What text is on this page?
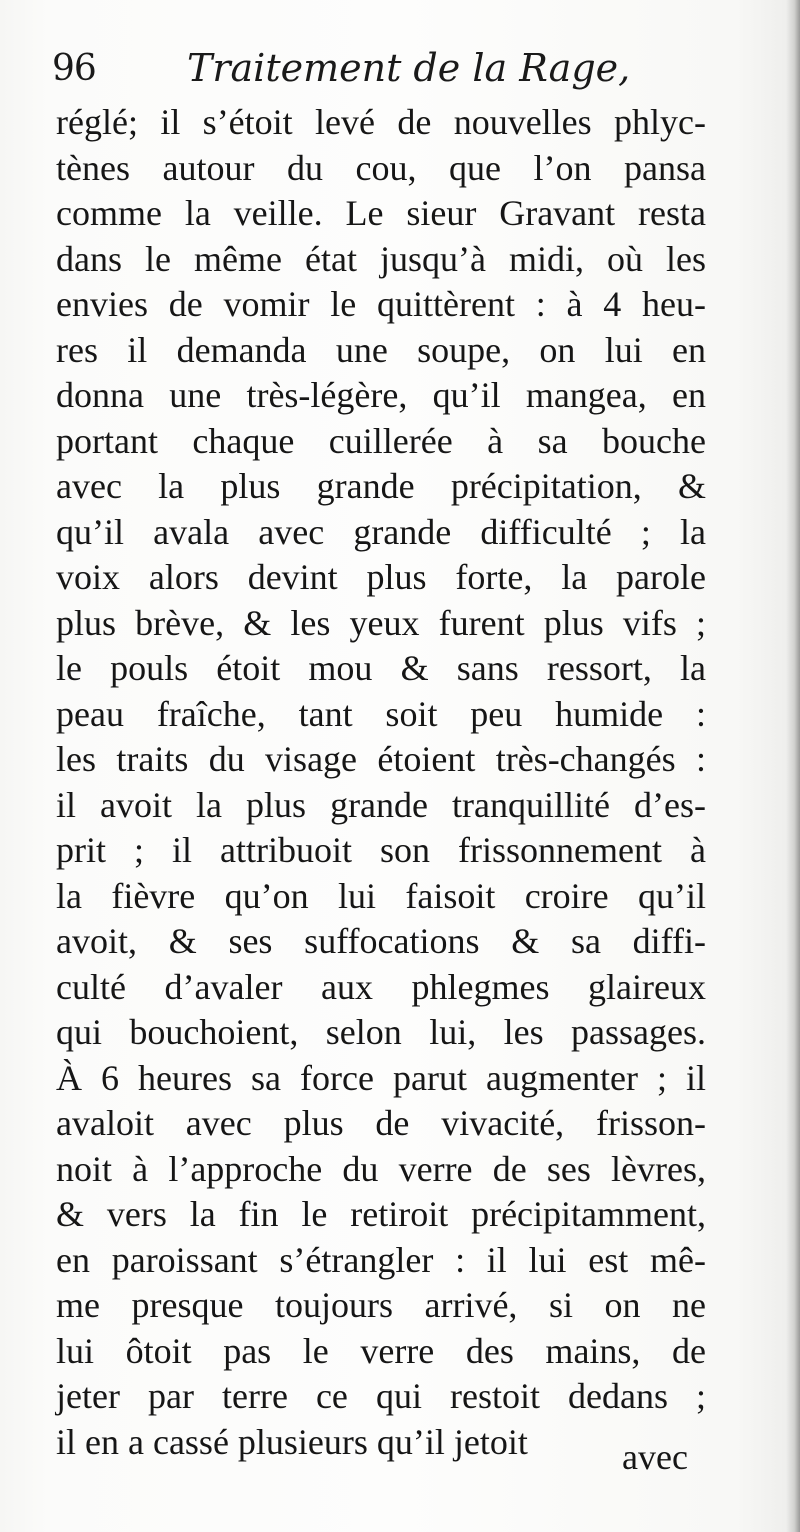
96 Traitement de la Rage,
réglé; il s’étoit levé de nouvelles phlyc-
tènes autour du cou, que l’on pansa
comme la veille. Le sieur Gravant resta
dans le même état jusqu’à midi, où les
envies de vomir le quittèrent : à 4 heu-
res il demanda une soupe, on lui en
donna une très-légère, qu’il mangea, en
portant chaque cuillerée à sa bouche
avec la plus grande précipitation, &
qu’il avala avec grande difficulté ; la
voix alors devint plus forte, la parole
plus brève, & les yeux furent plus vifs ;
le pouls étoit mou & sans ressort, la
peau fraîche, tant soit peu humide :
les traits du visage étoient très-changés :
il avoit la plus grande tranquillité d’es-
prit ; il attribuoit son frissonnement à
la fièvre qu’on lui faisoit croire qu’il
avoit, & ses suffocations & sa diffi-
culté d’avaler aux phlegmes glaireux
qui bouchoient, selon lui, les passages.
À 6 heures sa force parut augmenter ; il
avaloit avec plus de vivacité, frisson-
noit à l’approche du verre de ses lèvres,
& vers la fin le retiroit précipitamment,
en paroissant s’étrangler : il lui est mê-
me presque toujours arrivé, si on ne
lui ôtoit pas le verre des mains, de
jeter par terre ce qui restoit dedans ;
il en a cassé plusieurs qu’il jetoit	avec
